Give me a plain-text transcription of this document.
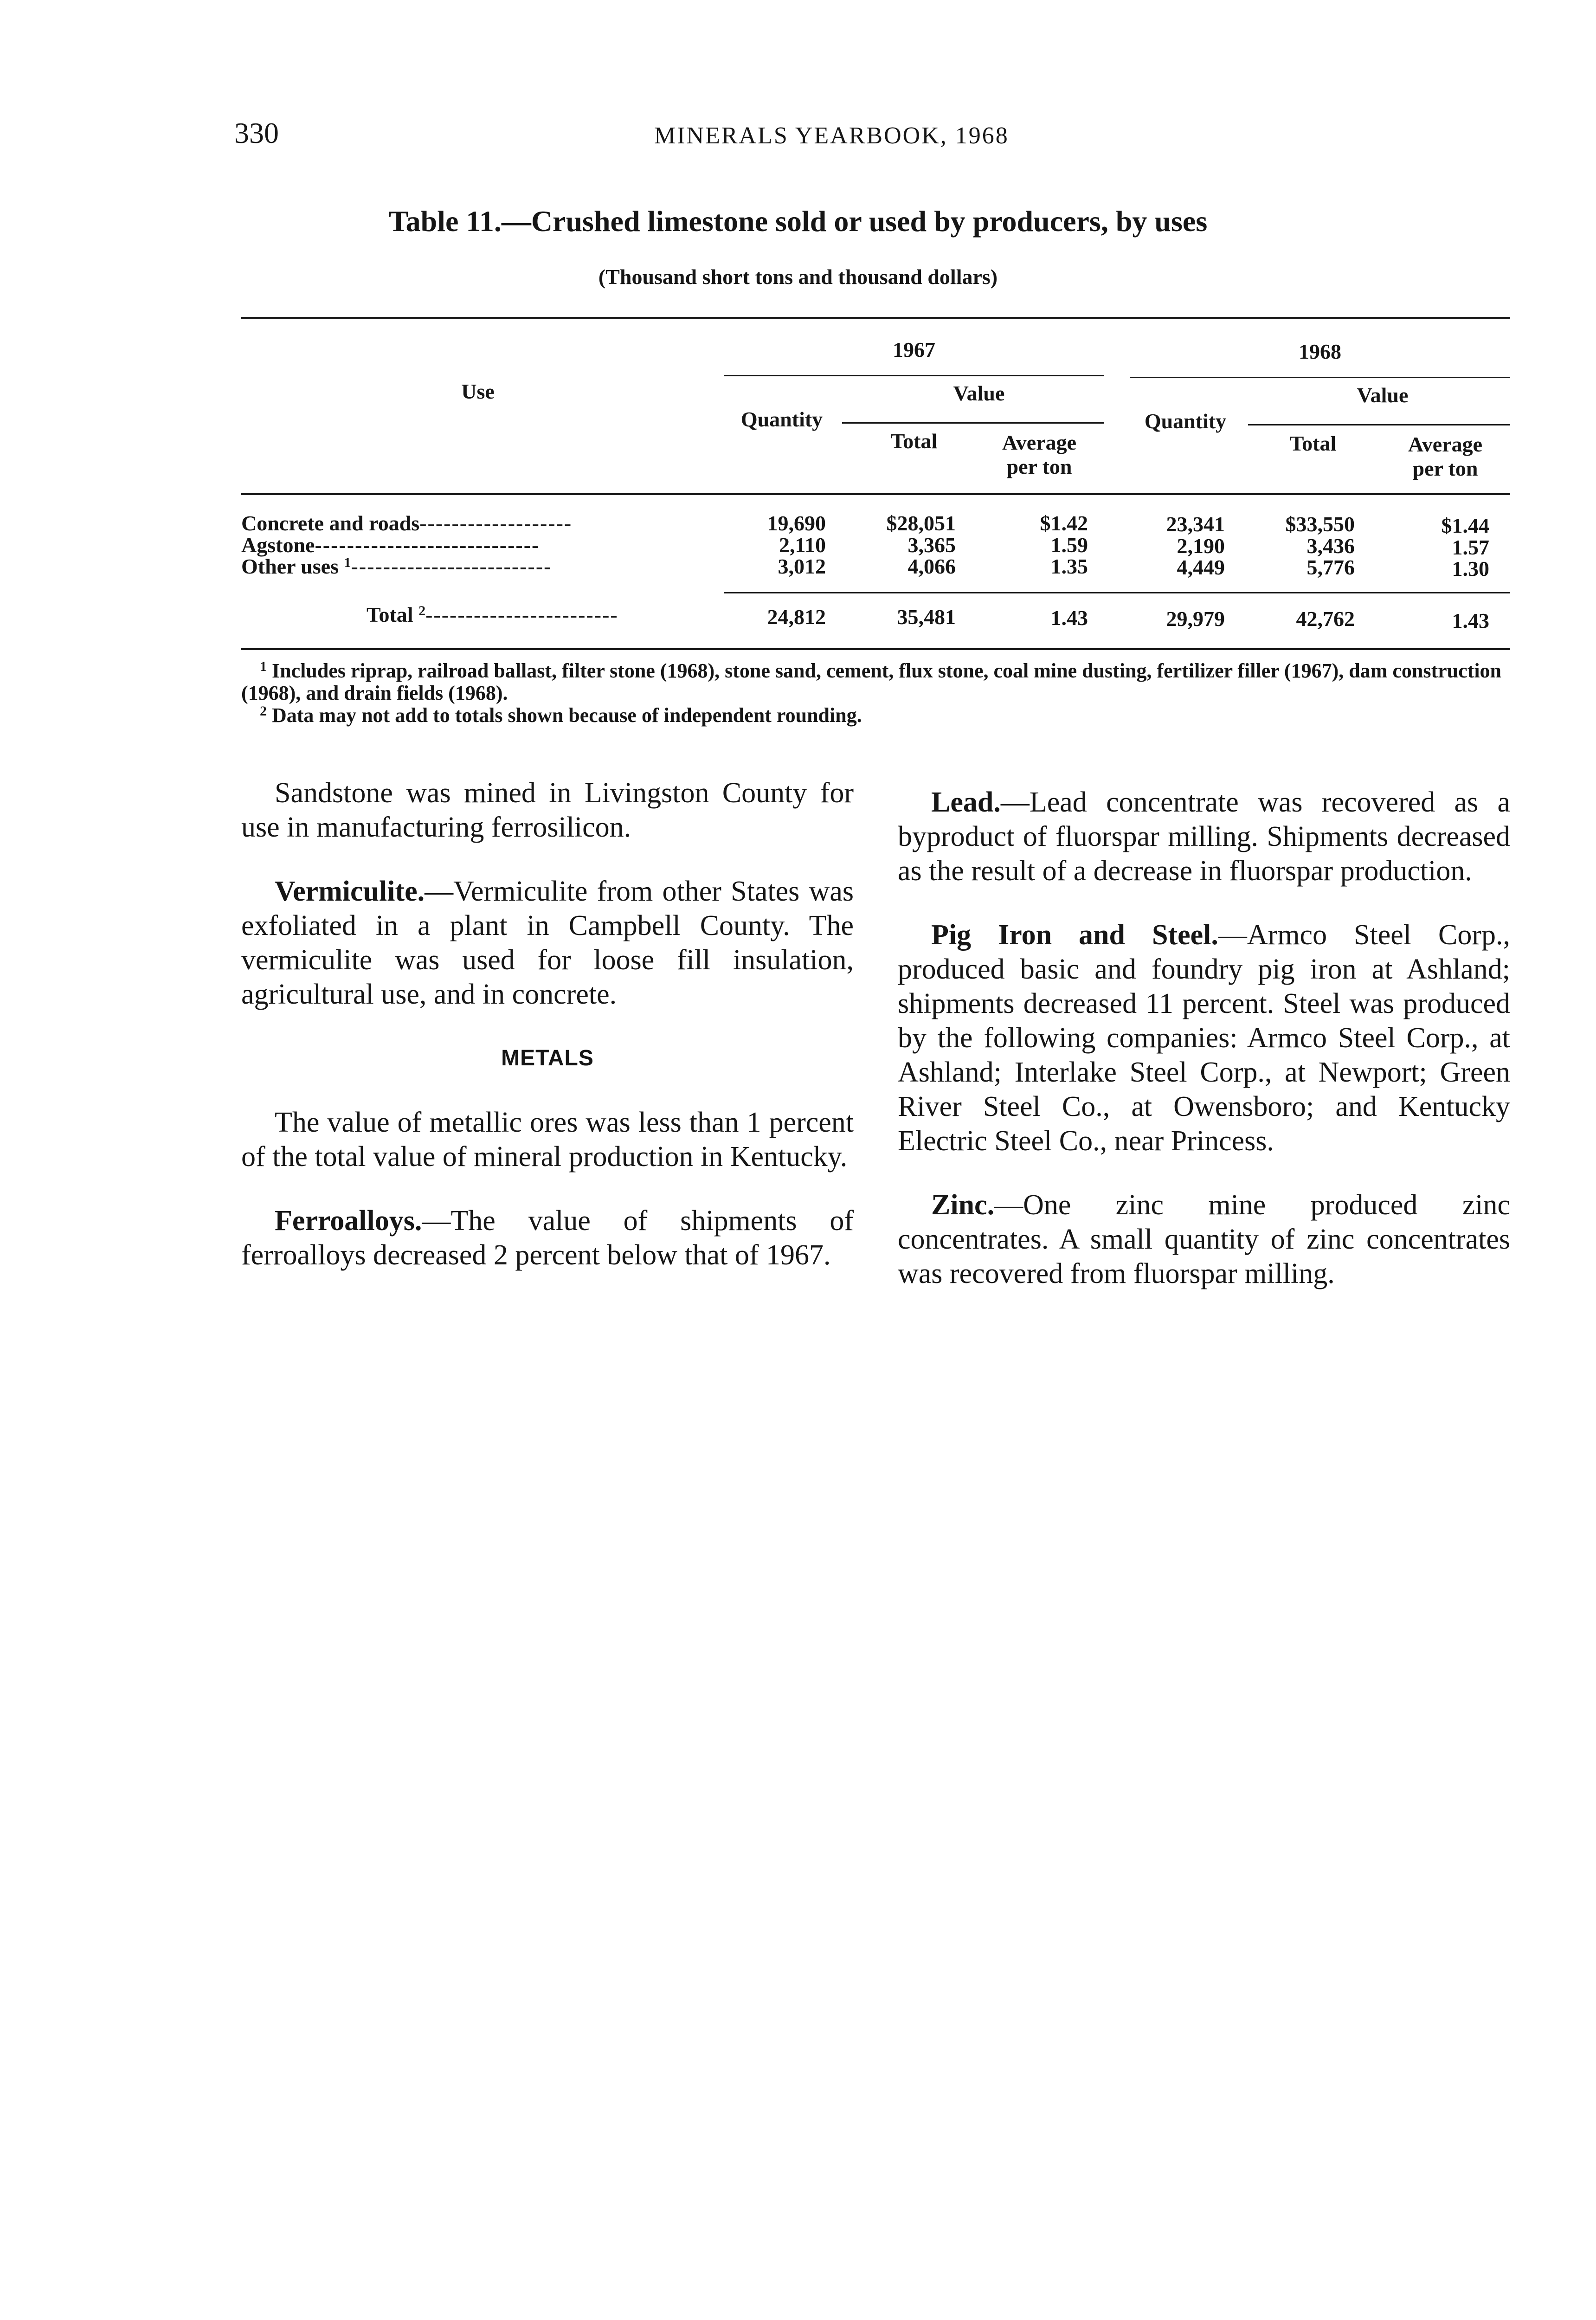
330	MINERALS YEARBOOK, 1968
Table 11.—Crushed limestone sold or used by producers, by uses
(Thousand short tons and thousand dollars)
Use
1967	1968
Quantity
Value
Total	Average per ton
Quantity
Value
Total	Average per ton
Concrete and roads-------------------	19,690	$28,051	$1.42	23,341	$33,550	$1.44
Agstone----------------------------	2,110	3,365	1.59	2,190	3,436	1.57
Other uses $^1$-------------------------	3,012	4,066	1.35	4,449	5,776	1.30
Total $^2$------------------------	24,812	35,481	1.43	29,979	42,762	1.43

$^1$ Includes riprap, railroad ballast, filter stone (1968), stone sand, cement, flux stone, coal mine dusting, fertilizer filler (1967), dam construction (1968), and drain fields (1968).

$^2$ Data may not add to totals shown because of independent rounding.

Sandstone was mined in Livingston County for use in manufacturing ferrosilicon.

Vermiculite.—Vermiculite from other States was exfoliated in a plant in Campbell County. The vermiculite was used for loose fill insulation, agricultural use, and in concrete.

METALS

The value of metallic ores was less than 1 percent of the total value of mineral production in Kentucky.

Ferroalloys.—The value of shipments of ferroalloys decreased 2 percent below that of 1967.

Lead.—Lead concentrate was recovered as a byproduct of fluorspar milling. Shipments decreased as the result of a decrease in fluorspar production.

Pig Iron and Steel.—Armco Steel Corp., produced basic and foundry pig iron at Ashland; shipments decreased 11 percent. Steel was produced by the following companies: Armco Steel Corp., at Ashland; Interlake Steel Corp., at Newport; Green River Steel Co., at Owensboro; and Kentucky Electric Steel Co., near Princess.

Zinc.—One zinc mine produced zinc concentrates. A small quantity of zinc concentrates was recovered from fluorspar milling.
